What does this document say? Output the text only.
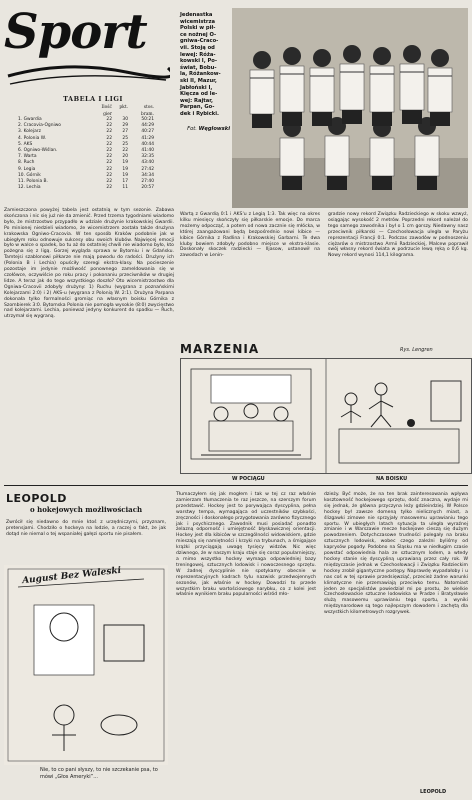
Sport
TABELA I LIGI
Ilość	pkt.	stos.
gier	bram.
1. Gwardia	22	30	50:21
2. Cracovia-Ogniwo	22	29	44:29
3. Kolejarz	22	27	40:27
4. Polonia W.	22	25	41:29
5. AKS	22	25	40:44
6. Ogniwo-Wiślan.	22	22	41:40
7. Warta	22	20	32:35
8. Ruch	22	19	43:40
9. Legia	22	19	27:42
10. Górnik	22	19	34:34
11. Polonia B.	22	17	27:40
12. Lechia	22	11	20:57
Zamieszczona powyżej tabela jest ostatnią w tym sezonie. Zabawa skończona i nic się już nie da zmienić. Przed trzema tygodniami wiadomo było, że mistrzostwo przypadło w udziale drużynie krakowskiej Gwardii. Po minionej niedzieli wiadomo, że wicemistrzem została także drużyna krakowska Ogniwo-Cracovia. W ten sposób Kraków podobnie jak w ubiegłym roku odnowuje sukcesy obu swoich klubów. Najwięcej emocji było w walce o spadek, bo tu aż do ostatniej chwili nie wiadomo było, kto pożegna się z ligą. Gorzej wygląda sprawa w Bytomiu i w Gdańsku. Tamtejsi szablonowi piłkarze nie mają powodu do radości. Drużyny ich (Polonia B i Lechia) opuściły szeregi ekstra-klasy. Na pocieszenie pozostaje im jedynie możliwość ponownego zameldowania się w czołówce, oczywiście po roku pracy i pokonaniu przeciwników w drugiej lidze. A teraz jak do tego wszystkiego doszło? Oto wicemistrzostwo dla Ogniwa-Cracovii zdobyły drużyny: 1) Ruchu (wygrana z poznańskimi Kolejarzami 2:0) i 2) AKS-u (wygrana z Polonią W. 2:1). Drużyna Parpana dokonała tylko formalności gromiąc na własnym boisku Górnika z Szombierek 3:0. Bytomska Polonia nie pomogła wysokie (8:0) zwycięstwo nad kolejarzami. Lechia, ponieważ jedyny konkurent do spadku — Ruch, utrzymał się wygraną.
Jedenastka
wicemistrza
Polski w pił-
ce nożnej O-
gniwa-Craco-
vii. Stoją od
lewej: Róża-
kowski I, Po-
świat, Bobu-
la, Różankow-
ski II, Mazur,
Jabłoński I,
Kięcza od le-
wej: Rajtar,
Parpan, Go-
dek i Rybicki.
Fot. Węglowski
Wartą z Gwardią 0:1 i AKS'u z Legią 1:3. Tak więc na okres kilku miesięcy skończyły się piłkarskie emocje. Do marca możemy odpocząć, a potem od nowa zacznie się młócka, w której zaangażowani będą bezpośrednio nowi kibice — kibice Górnika z Radlina i Krakowskiej Garbarni. Te dwa kluby bowiem zdobyły podobno miejsce w ekstra-klasie. Doskonały skoczek radziecki — Iljasow, ustanowił na zawodach w Lenin-
gradzie nowy rekord Związku Radzieckiego w skoku wzwyż, osiągając wysokość 2 metrów. Poprzedni rekord należał do tego samego zawodnika i był o 1 cm gorszy. Niedawny nasz przeciwnik piłkarski — Czechosłowacja uległa w Paryżu reprezentacji Francji 0:1. Podczas zawodów w podnoszeniu ciężarów o mistrzostwo Armii Radzieckiej, Malcew poprawił swój własny rekord świata w podrzucie lewą ręką o 0,6 kg. Nowy rekord wynosi 114,1 kilograma.
MARZENIA	Rys. Lengren
W POCIĄGU	NA BOISKU
LEOPOLD
o hokejowych możliwościach
Zwrócił się niedawno do mnie ktoś z urzędniczymi, przyznam, pretensjami. Chodziło o hockeya na lodzie, a raczej o fakt, że jak dotąd nie niemal o tej wspaniałej gałęzi sportu nie pisałem.
August Bez Waleski
Nie, to co pani słyszy, to nie szczekanie psa, to mówi „Głos Ameryki”...
Tłumaczyłem się jak mogłem i tak w tej cz raz właśnie zamierzam tłumaczenia te raz jeszcze, na szerszym forum przedstawić. Hockey jest to porywająca dyscyplina, pełna warstwy tempa, wymagająca od uczestników szybkości, zręczności i doskonałego przygotowania zarówno fizycznego jak i psychicznego. Zawodnik musi posiadać ponadto żelazną odporność i umiejętność błyskawicznej orientacji. Hockey jest dla kibiców w szczególności widowiskiem, gdzie mieszają się namiętności i krzyki na trybunach, a śmigające krążki przyciągają uwagę tysięcy widzów. Nic więc dziwnego, że w naszym kraju staje się coraz popularniejszy, a mimo wszystko hockey wymaga odpowiedniej bazy treningowej, sztucznych lodowisk i nowoczesnego sprzętu. W żadnej dyscyplinie nie spotykamy obecnie w reprezentacyjnych kadrach tylu nazwisk przedwojennych sezonów, jak właśnie w hockey. Dowodzi to przede wszystkim braku wartościowego narybku, co z kolei jest właśnie wynikiem braku popularności wśród mło-
dzieży. Być może, że na ten brak zainteresowania wpływa kosztowność hockejowego sprzętu, dość znaczna, wydaje mi się jednak, że główna przyczyna leży gdzieindziej. W Polsce hockey był zawsze domeną tylko nielicznych miast, a ślizgawki zimowe nie sprzyjały masowemu uprawianiu tego sportu. W ubiegłych latach sytuacja ta uległa wyraźnej zmianie i w Warszawie mecze hockejowe cieszą się dużym powodzeniem. Dotychczasowe trudności polegały na braku sztucznych lodowisk, wobec czego zależni byliśmy od kaprysów pogody. Podobno na Śląsku ma w niedługim czasie powstać odpowiednia hala ze sztucznym lodem, a wtedy hockey stanie się dyscypliną uprawianą przez cały rok. W międzyczasie jednak w Czechosłowacji i Związku Radzieckim hockey zrobił gigantyczne postępy. Naprawdę wypadałoby i u nas coś w tej sprawie przedsięwziąć, przecież żadne warunki klimatyczne nie przemawiają przeciwko temu. Natomiast jeden ze specjalistów powiedział mi po prostu, że wielkie Czechosłowackie sztuczne lodowiska w Pradze i Bratysławie służą masowemu uprawianiu tego sportu, a wyniki międzynarodowe są tego najlepszym dowodem i zachętą dla wszystkich kilometrowych rozgrywek.
LEOPOLD
